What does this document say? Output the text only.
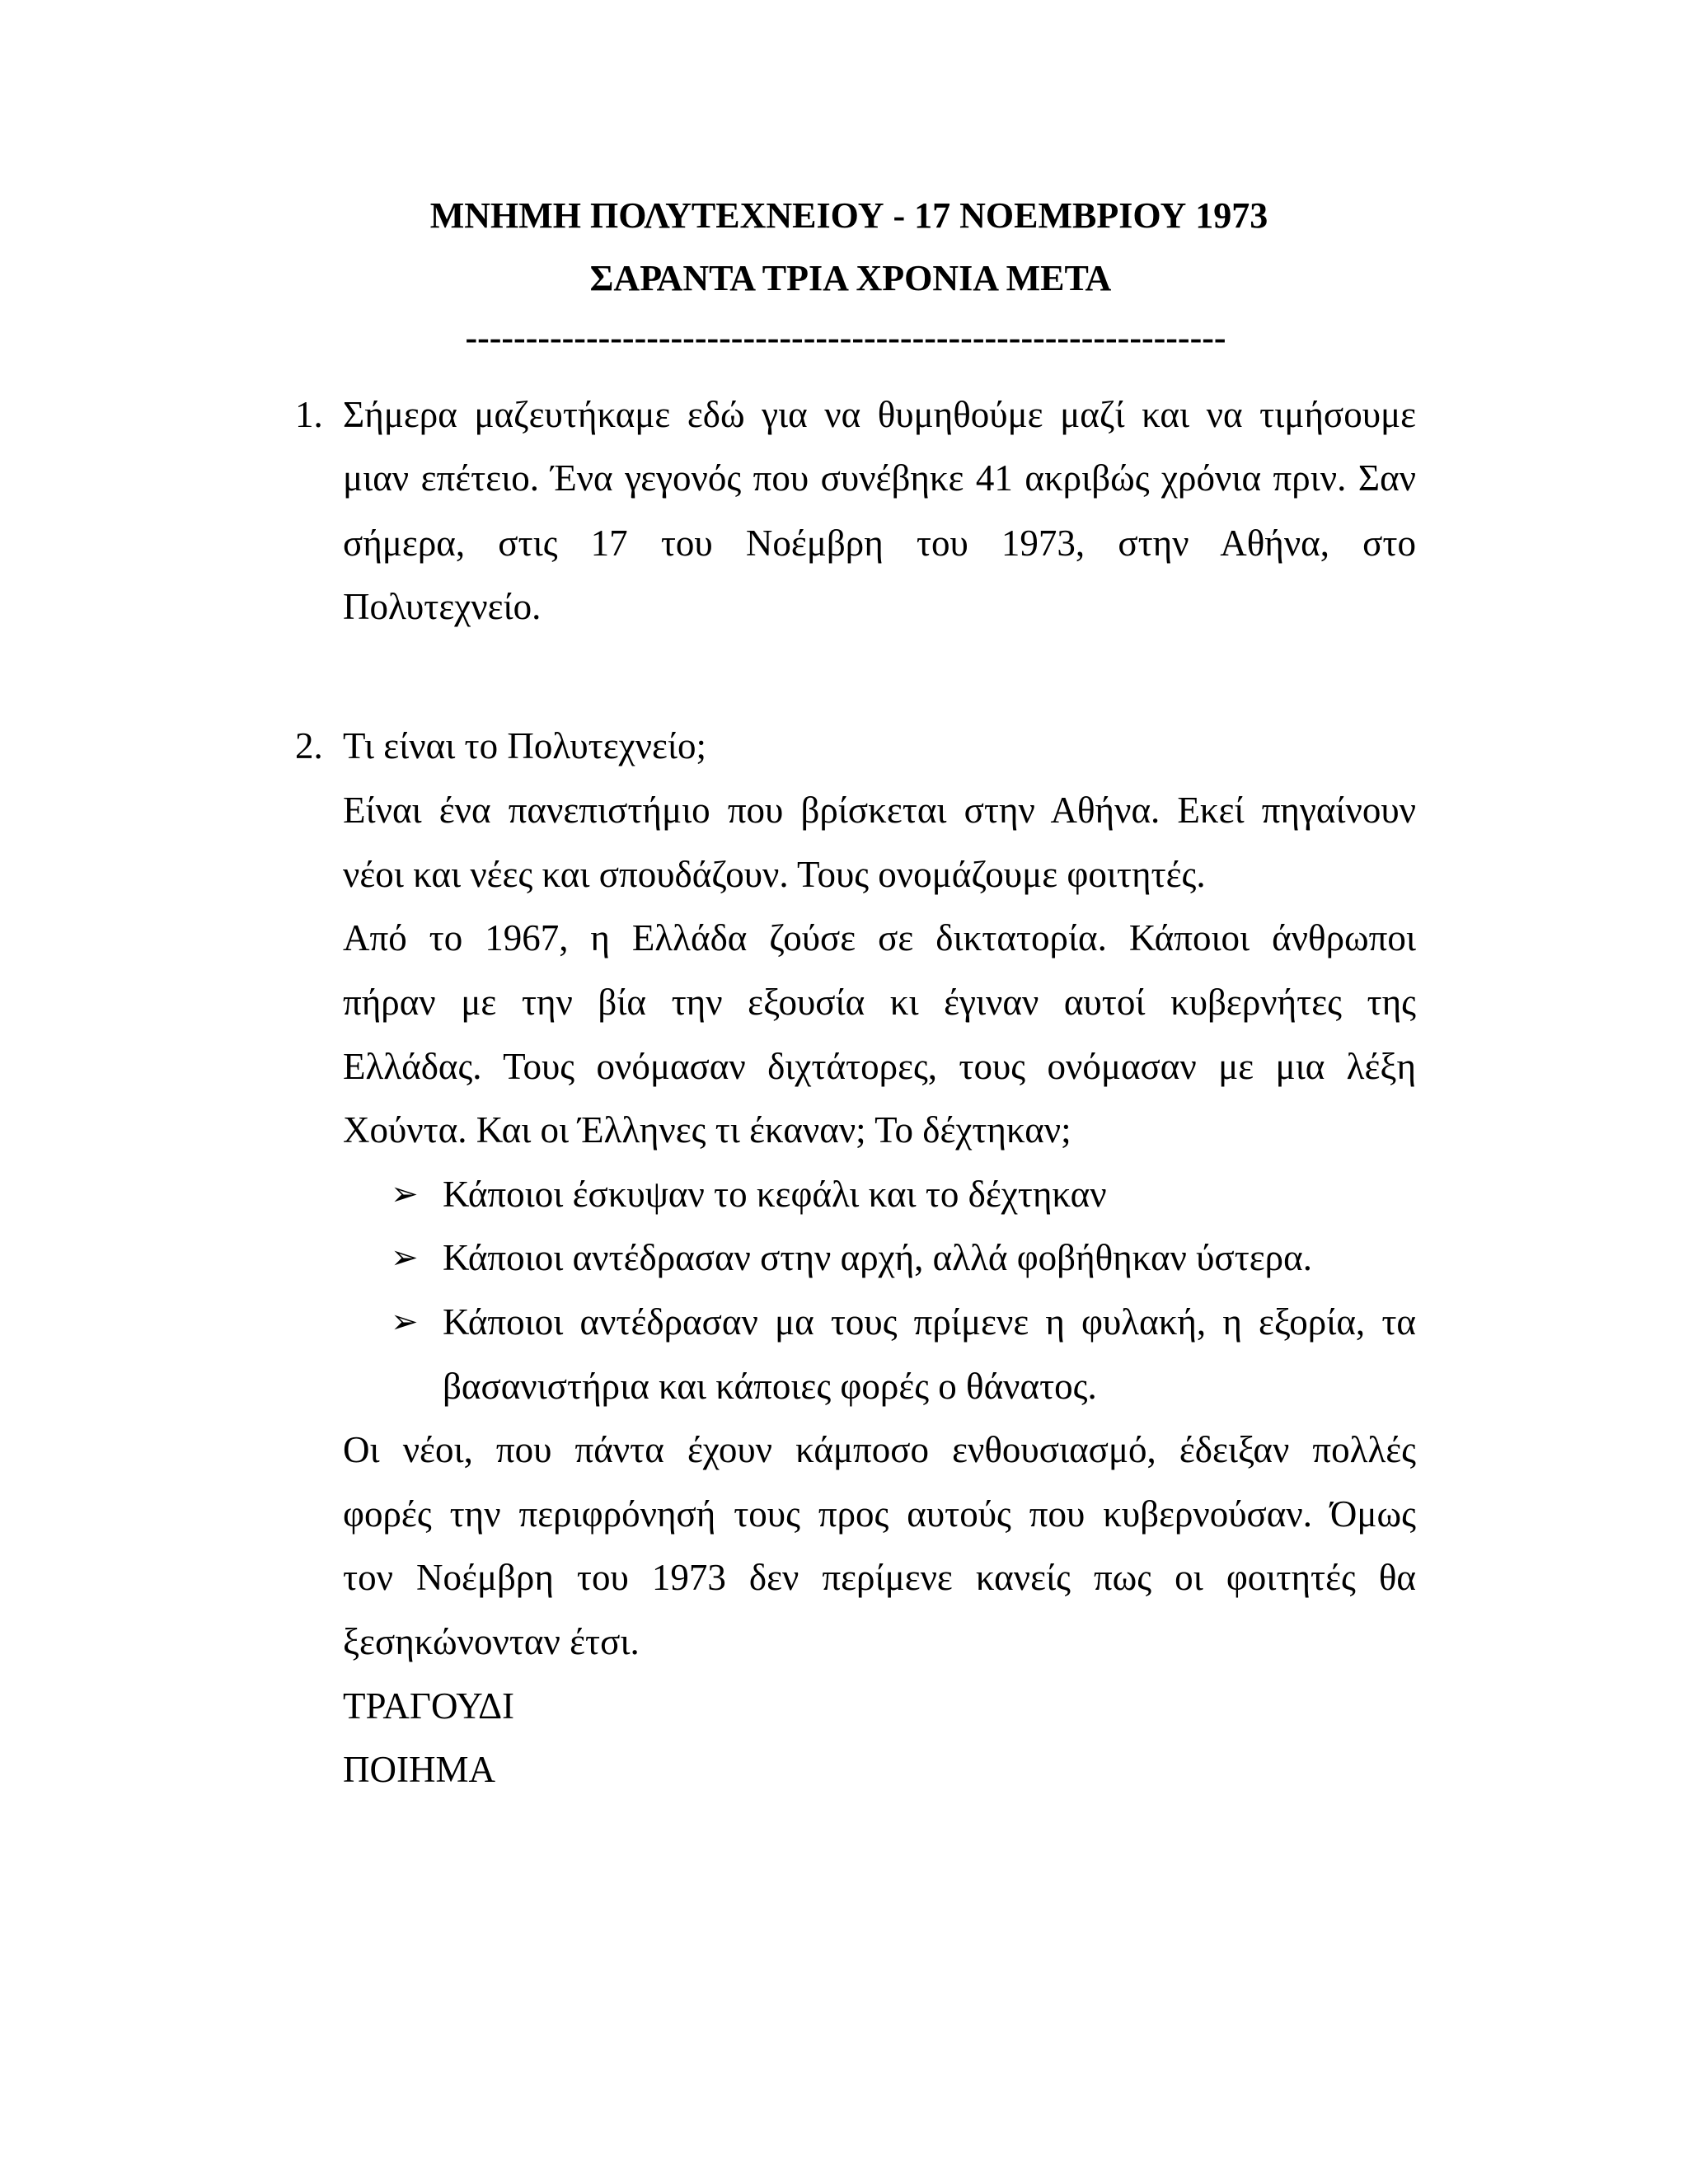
ΜΝΗΜΗ ΠΟΛΥΤΕΧΝΕΙΟΥ - 17 ΝΟΕΜΒΡΙΟΥ 1973
ΣΑΡΑΝΤΑ ΤΡΙΑ ΧΡΟΝΙΑ ΜΕΤΑ
---------------------------------------------------------------
1. Σήμερα μαζευτήκαμε εδώ για να θυμηθούμε μαζί και να τιμήσουμε
μιαν επέτειο. Ένα γεγονός που συνέβηκε 41 ακριβώς χρόνια πριν. Σαν
σήμερα, στις 17 του Νοέμβρη του 1973, στην Αθήνα, στο
Πολυτεχνείο.
2. Τι είναι το Πολυτεχνείο;
Είναι ένα πανεπιστήμιο που βρίσκεται στην Αθήνα. Εκεί πηγαίνουν
νέοι και νέες και σπουδάζουν. Τους ονομάζουμε φοιτητές.
Από το 1967, η Ελλάδα ζούσε σε δικτατορία. Κάποιοι άνθρωποι
πήραν με την βία την εξουσία κι έγιναν αυτοί κυβερνήτες της
Ελλάδας. Τους ονόμασαν διχτάτορες, τους ονόμασαν με μια λέξη
Χούντα. Και οι Έλληνες τι έκαναν; Το δέχτηκαν;
➢ Κάποιοι έσκυψαν το κεφάλι και το δέχτηκαν
➢ Κάποιοι αντέδρασαν στην αρχή, αλλά φοβήθηκαν ύστερα.
➢ Κάποιοι αντέδρασαν μα τους πρίμενε η φυλακή, η εξορία, τα
βασανιστήρια και κάποιες φορές ο θάνατος.
Οι νέοι, που πάντα έχουν κάμποσο ενθουσιασμό, έδειξαν πολλές
φορές την περιφρόνησή τους προς αυτούς που κυβερνούσαν. Όμως
τον Νοέμβρη του 1973 δεν περίμενε κανείς πως οι φοιτητές θα
ξεσηκώνονταν έτσι.
ΤΡΑΓΟΥΔΙ
ΠΟΙΗΜΑ
